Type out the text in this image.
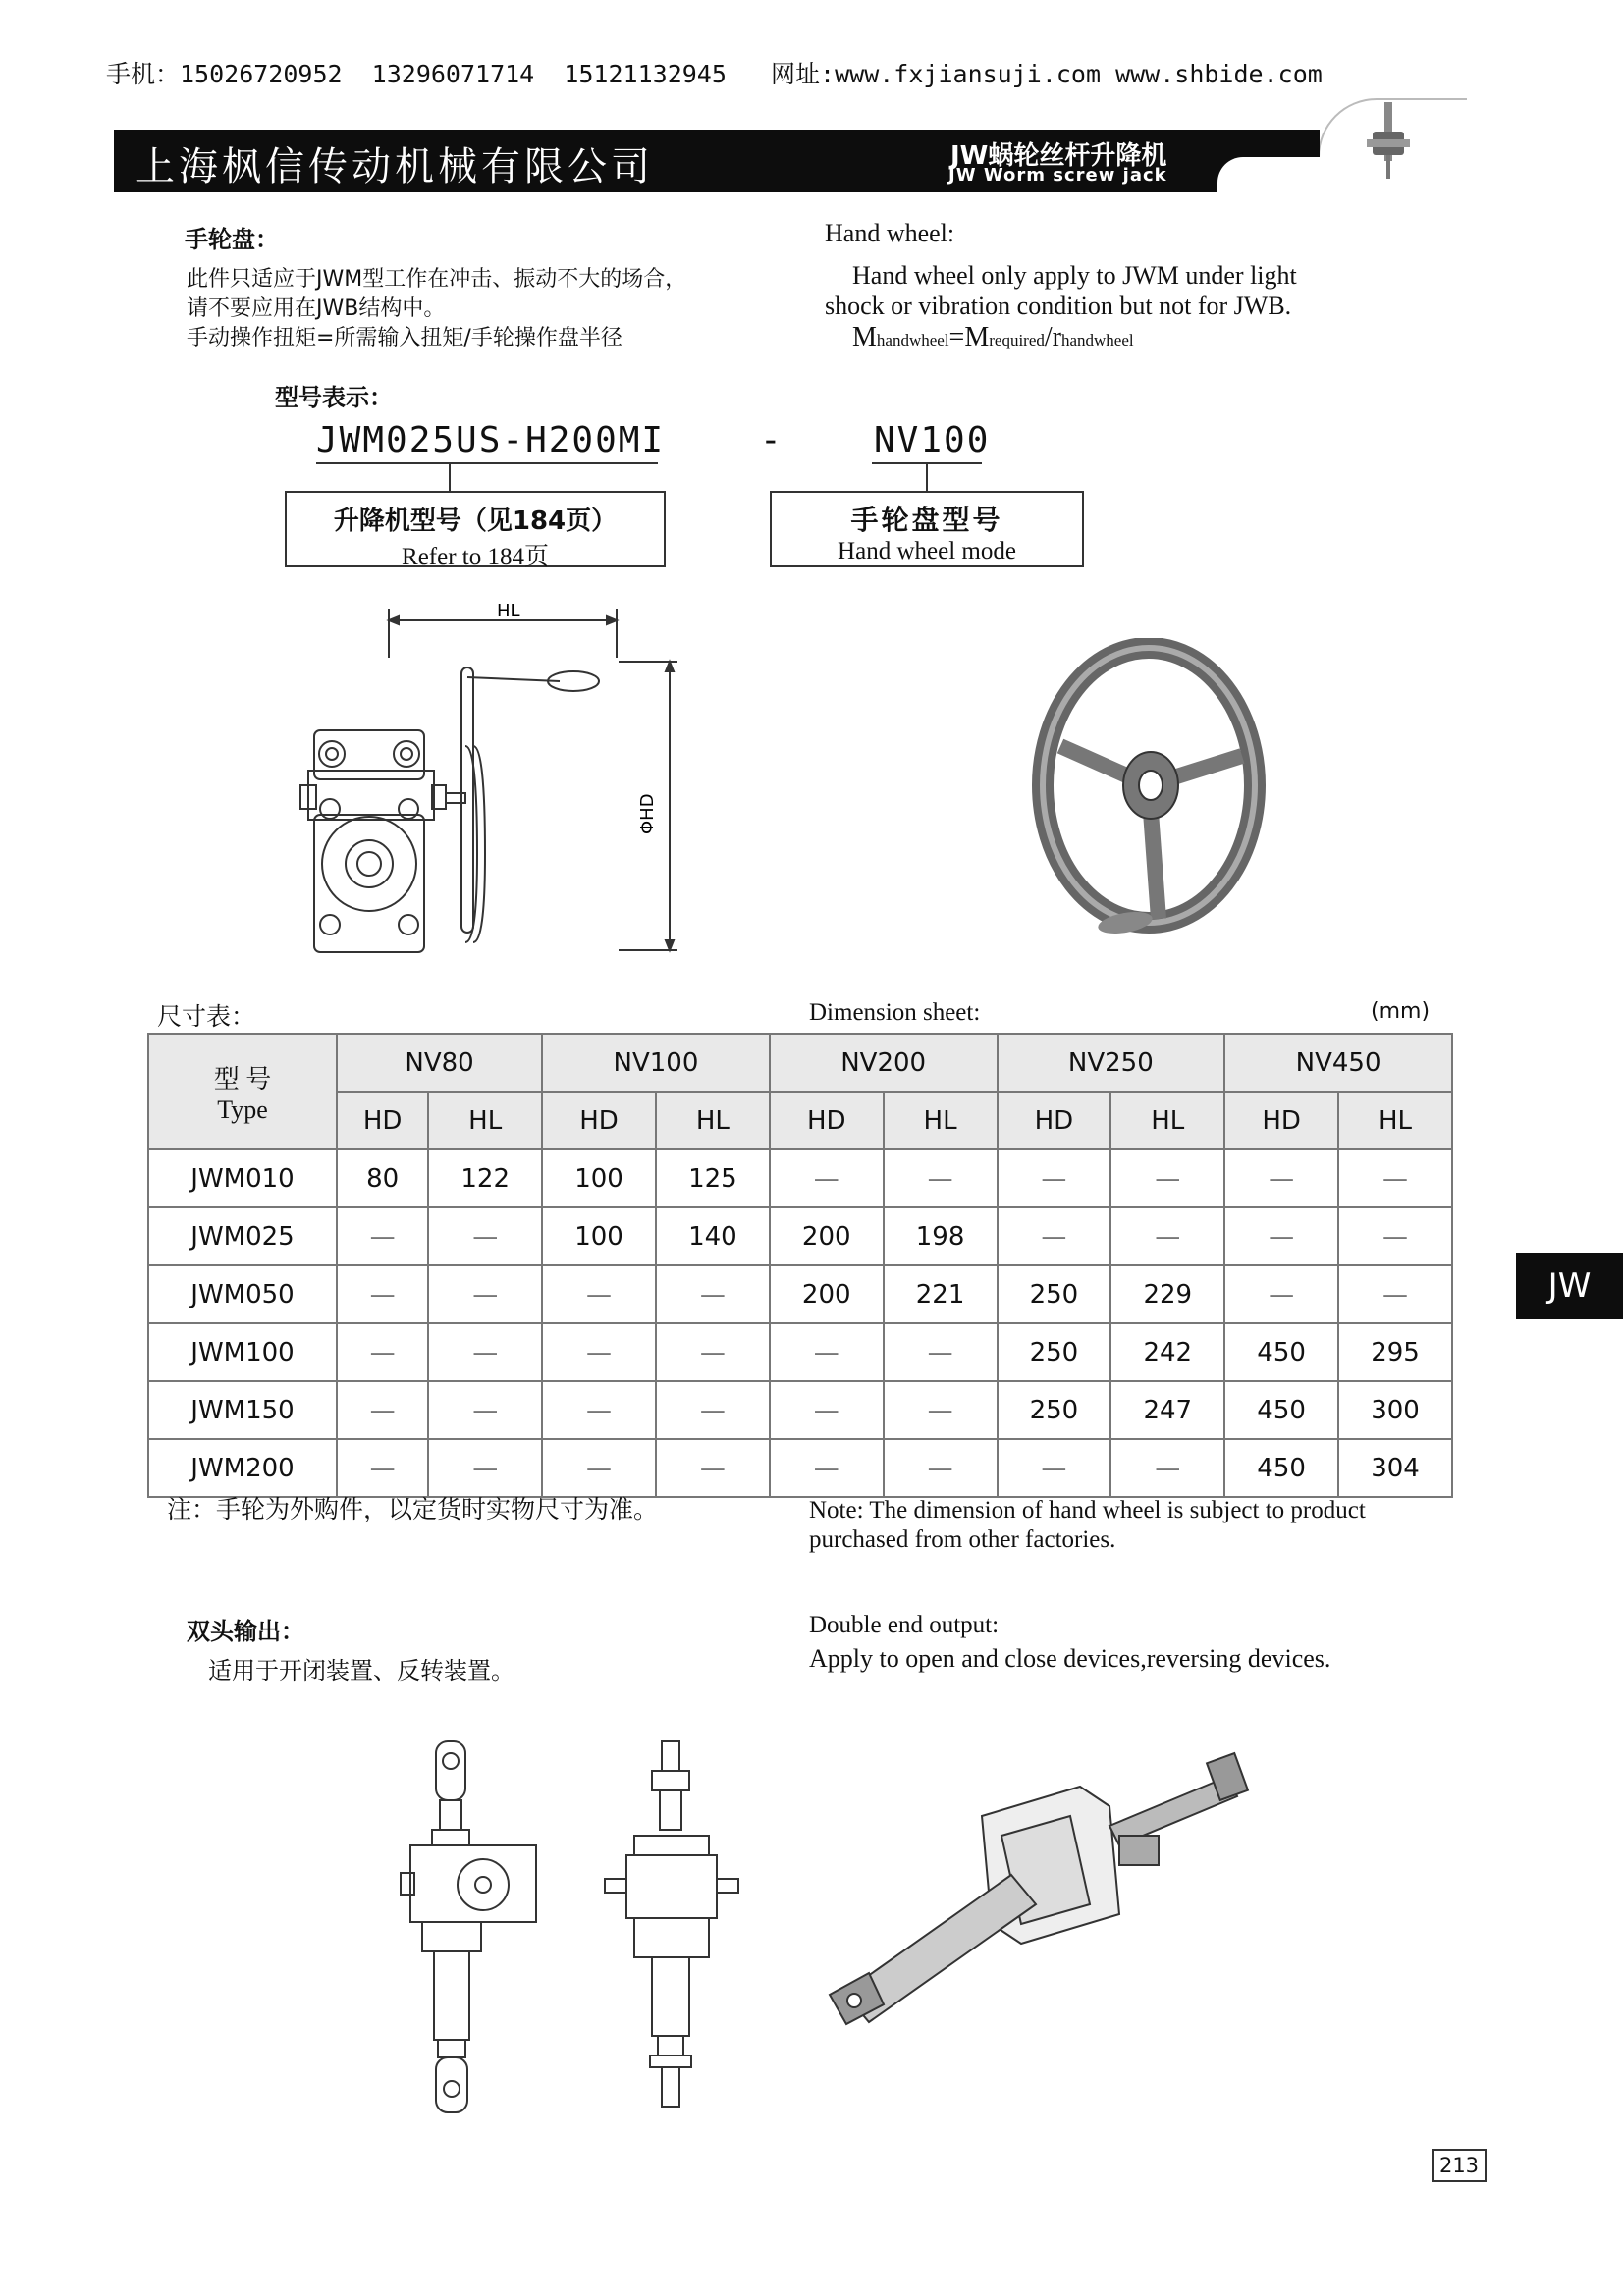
手机：15026720952  13296071714  15121132945   网址:www.fxjiansuji.com www.shbide.com
上海枫信传动机械有限公司	JW蜗轮丝杆升降机
JW Worm screw jack
手轮盘：
此件只适应于JWM型工作在冲击、振动不大的场合，
请不要应用在JWB结构中。
手动操作扭矩=所需输入扭矩/手轮操作盘半径
Hand wheel:
Hand wheel only apply to JWM under light
shock or vibration condition but not for JWB.
Mhandwheel=Mrequired/rhandwheel
型号表示：
JWM025US-H200MI	-	NV100
升降机型号（见184页）
Refer to 184页
手轮盘型号
Hand wheel mode
HL
ΦHD
尺寸表：	Dimension sheet:	(mm)
型 号
Type	NV80		NV100		NV200		NV250		NV450	
	HD	HL	HD	HL	HD	HL	HD	HL	HD	HL
JWM010	80	122	100	125	—	—	—	—	—	—
JWM025	—	—	100	140	200	198	—	—	—	—
JWM050	—	—	—	—	200	221	250	229	—	—
JWM100	—	—	—	—	—	—	250	242	450	295
JWM150	—	—	—	—	—	—	250	247	450	300
JWM200	—	—	—	—	—	—	—	—	450	304
注：手轮为外购件，以定货时实物尺寸为准。	Note: The dimension of hand wheel is subject to product
purchased from other factories.
双头输出：
适用于开闭装置、反转装置。
Double end output:
Apply to open and close devices,reversing devices.
JW
213
